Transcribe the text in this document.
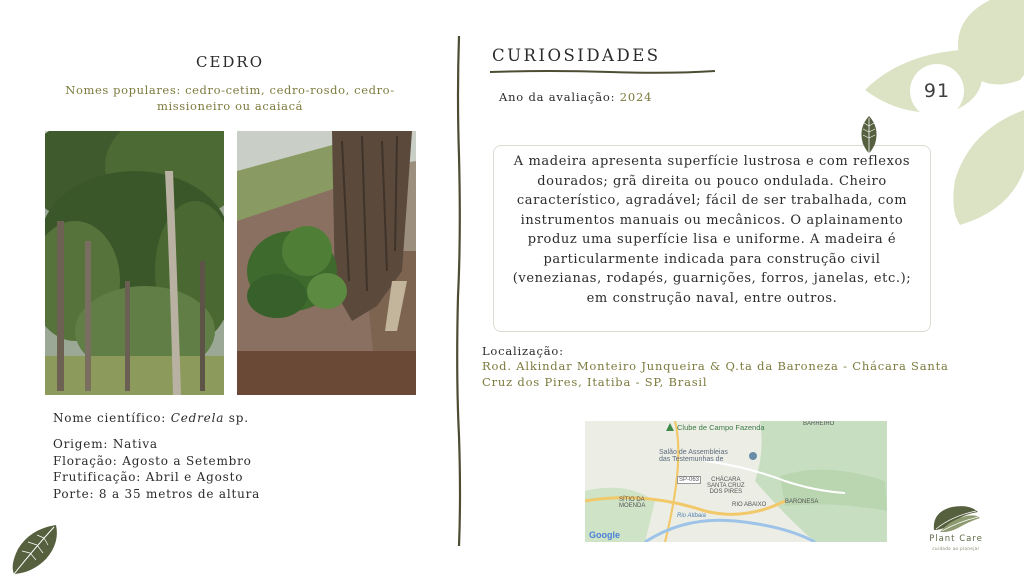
CEDRO
Nomes populares: cedro-cetim, cedro-rosdo, cedro-missioneiro ou acaiacá
Nome científico: Cedrela sp.
Origem: Nativa
Floração: Agosto a Setembro
Frutificação: Abril e Agosto
Porte: 8 a 35 metros de altura
CURIOSIDADES
Ano da avaliação: 2024
A madeira apresenta superfície lustrosa e com reflexos dourados; grã direita ou pouco ondulada. Cheiro característico, agradável; fácil de ser trabalhada, com instrumentos manuais ou mecânicos. O aplainamento produz uma superfície lisa e uniforme. A madeira é particularmente indicada para construção civil (venezianas, rodapés, guarnições, forros, janelas, etc.); em construção naval, entre outros.
Localização:
Rod. Alkindar Monteiro Junqueira & Q.ta da Baroneza - Chácara Santa Cruz dos Pires, Itatiba - SP, Brasil
Clube de Campo Fazenda	BARREIRO
Salão de Assembleias
das Testemunhas de
SP-063	CHÁCARA
SANTA CRUZ
DOS PIRES
SÍTIO DA
MOENDA
BARONESA
RIO ABAIXO
Rio Atibaia
Google
91
Plant Care
cuidado ao planejar
